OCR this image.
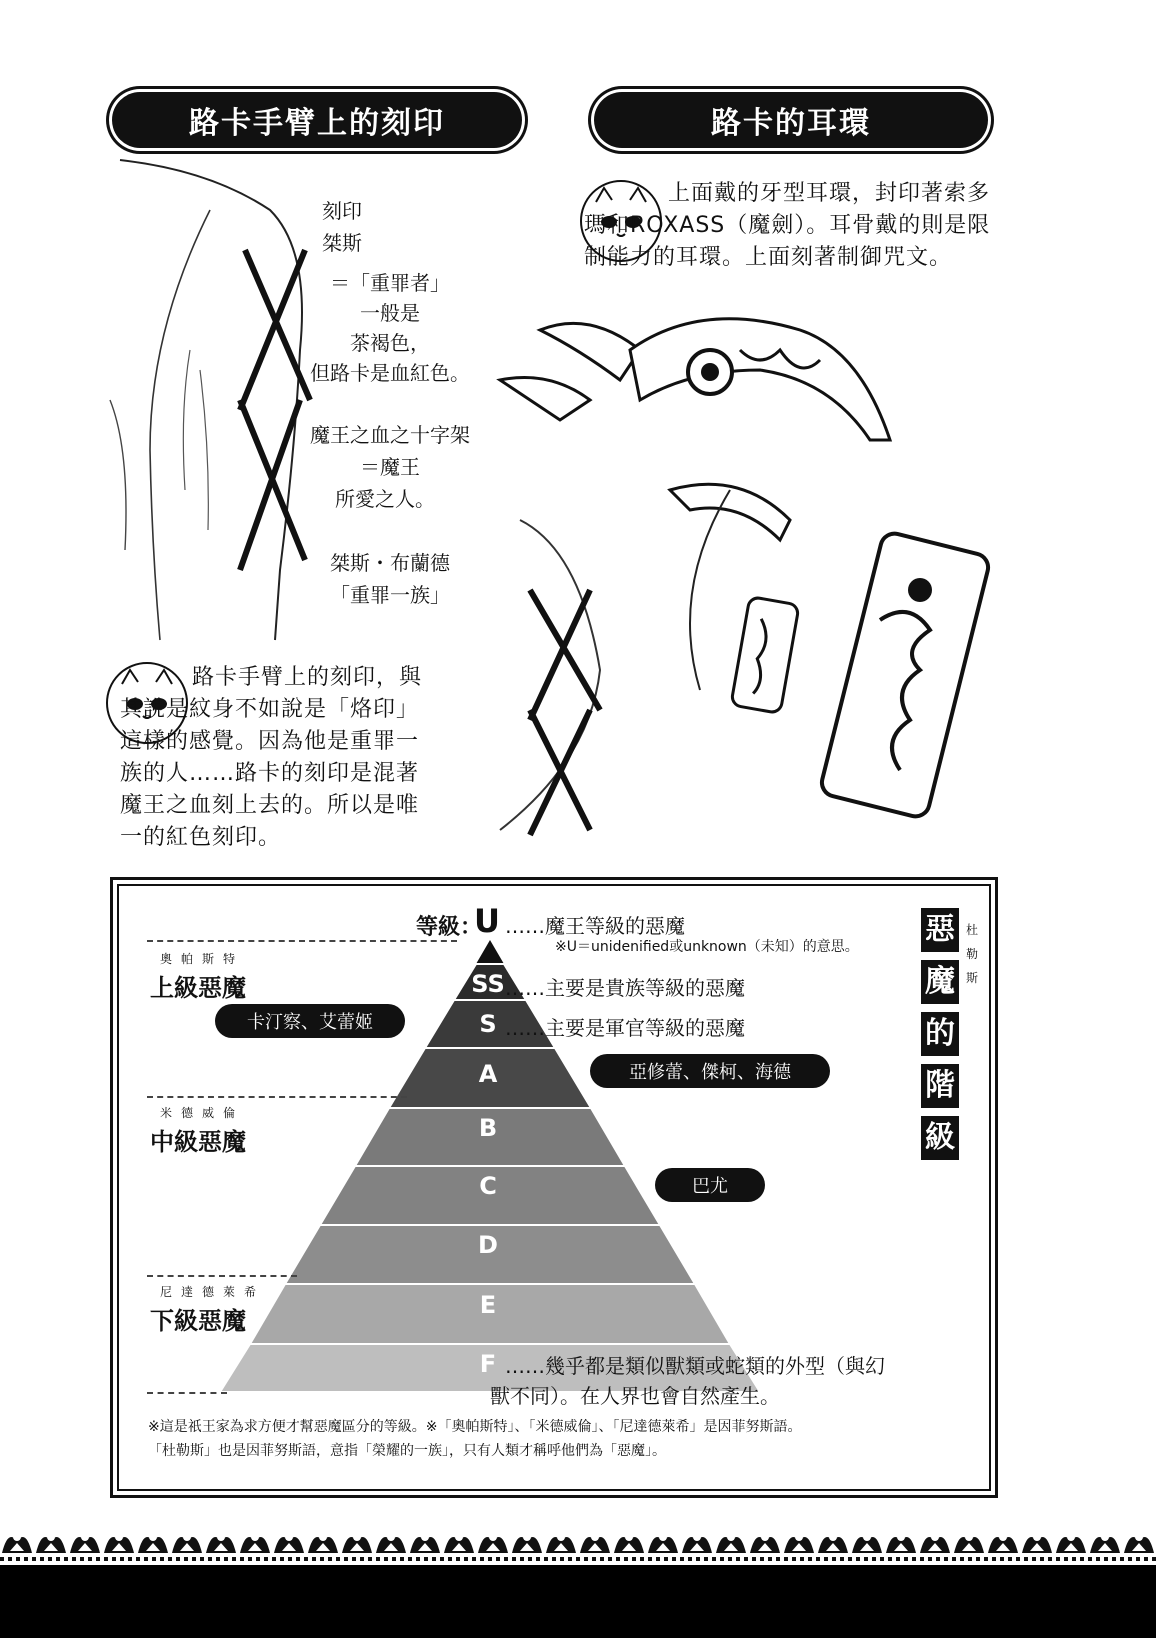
路卡手臂上的刻印	路卡的耳環
刻印
桀斯
＝「重罪者」
一般是
茶褐色，
但路卡是血紅色。
魔王之血之十字架
＝魔王
所愛之人。
桀斯・布蘭德
「重罪一族」
路卡手臂上的刻印，與其說是紋身不如說是「烙印」這樣的感覺。因為他是重罪一族的人……路卡的刻印是混著魔王之血刻上去的。所以是唯一的紅色刻印。
上面戴的牙型耳環，封印著索多瑪和ROXASS（魔劍）。耳骨戴的則是限制能力的耳環。上面刻著制御咒文。
惡
魔
的
階
級
杜勒斯
等級：
U ……魔王等級的惡魔
※U＝unidenified或unknown（未知）的意思。
SS
S
A
B
C
D
E
F
……主要是貴族等級的惡魔
……主要是軍官等級的惡魔
……幾乎都是類似獸類或蛇類的外型（與幻
獸不同）。在人界也會自然產生。
卡汀察、艾蕾姬
亞修蕾、傑柯、海德
巴尤
奧帕斯特
上級惡魔
米德威倫
中級惡魔
尼達德萊希
下級惡魔
※這是祇王家為求方便才幫惡魔區分的等級。※「奧帕斯特」、「米德威倫」、「尼達德萊希」是因菲努斯語。
「杜勒斯」也是因菲努斯語，意指「榮耀的一族」，只有人類才稱呼他們為「惡魔」。
